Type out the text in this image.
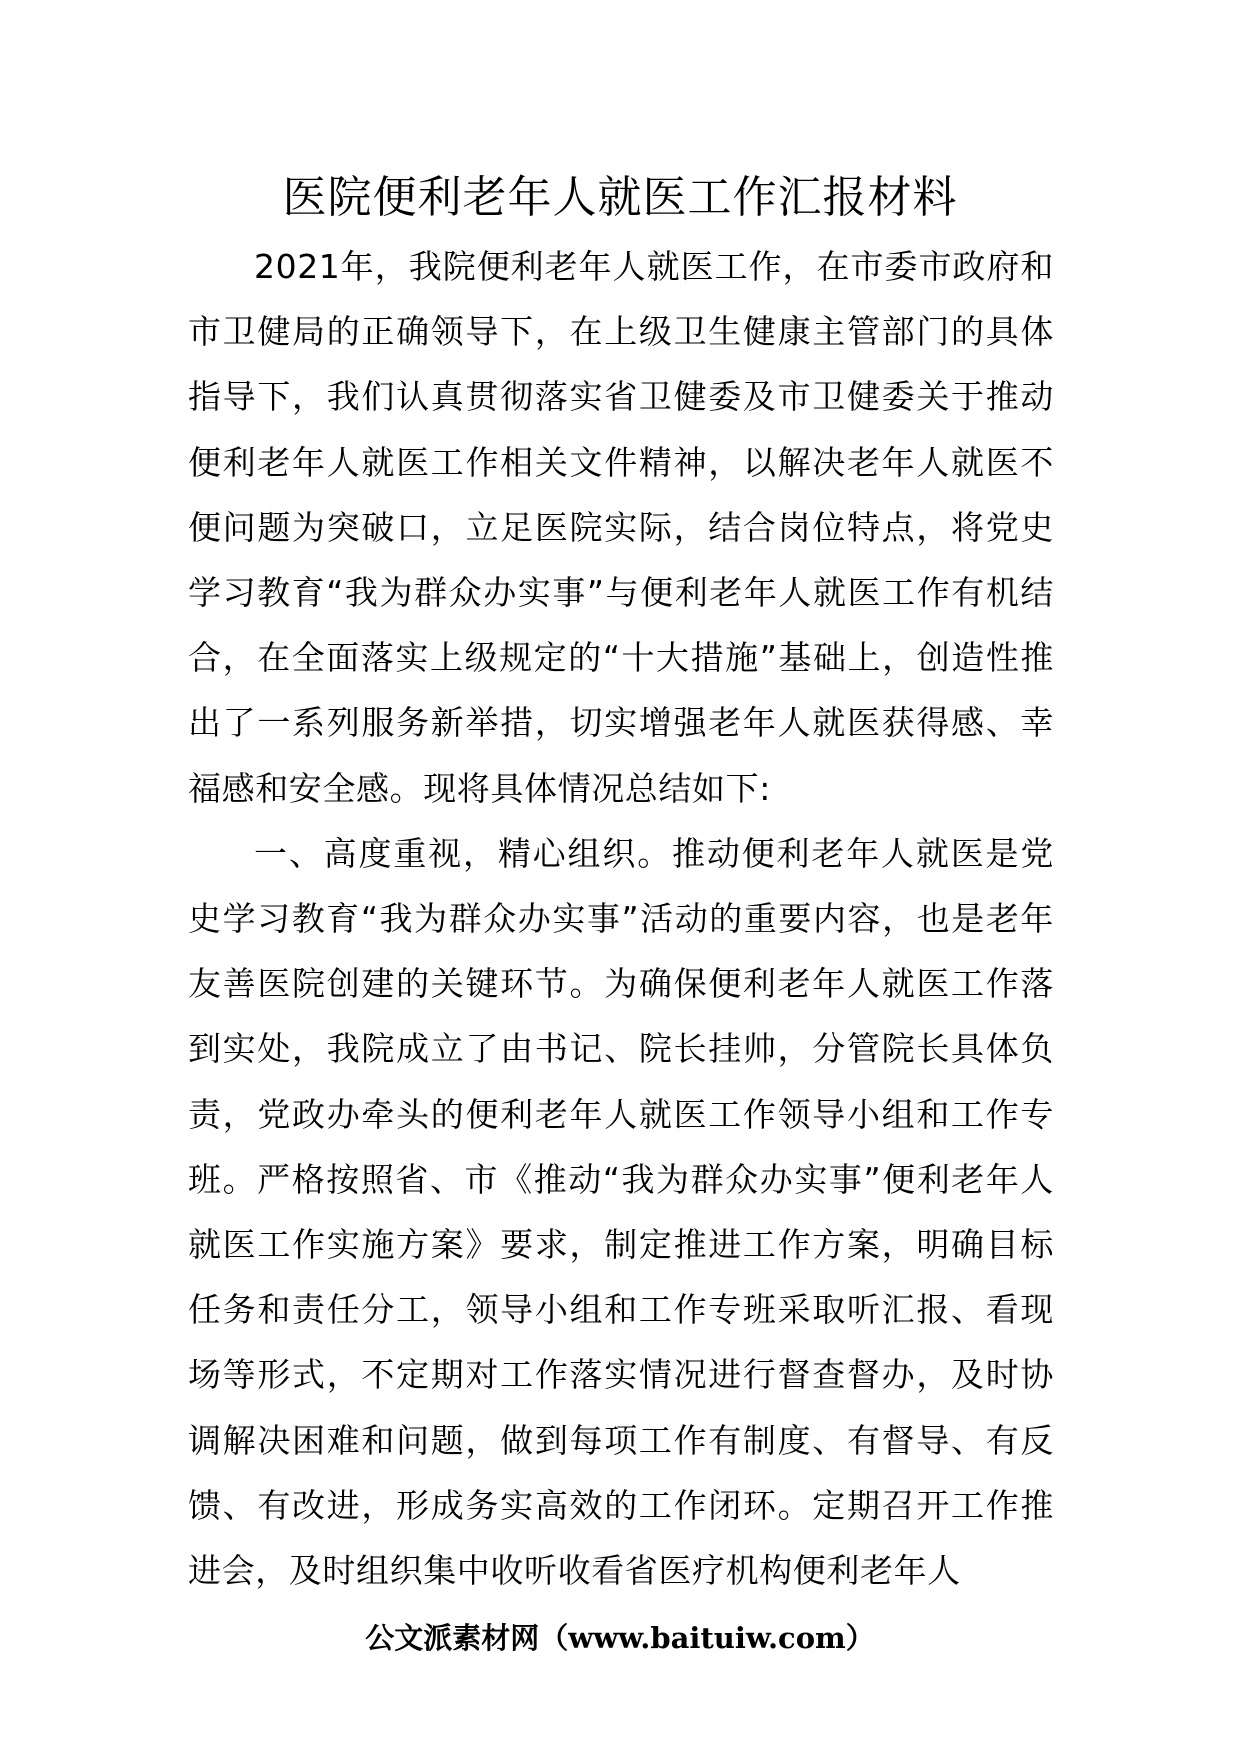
医院便利老年人就医工作汇报材料

2021年，我院便利老年人就医工作，在市委市政府和市卫健局的正确领导下，在上级卫生健康主管部门的具体指导下，我们认真贯彻落实省卫健委及市卫健委关于推动便利老年人就医工作相关文件精神，以解决老年人就医不便问题为突破口，立足医院实际，结合岗位特点，将党史学习教育“我为群众办实事”与便利老年人就医工作有机结合，在全面落实上级规定的“十大措施”基础上，创造性推出了一系列服务新举措，切实增强老年人就医获得感、幸福感和安全感。现将具体情况总结如下:

一、高度重视，精心组织。推动便利老年人就医是党史学习教育“我为群众办实事”活动的重要内容，也是老年友善医院创建的关键环节。为确保便利老年人就医工作落到实处，我院成立了由书记、院长挂帅，分管院长具体负责，党政办牵头的便利老年人就医工作领导小组和工作专班。严格按照省、市《推动“我为群众办实事”便利老年人就医工作实施方案》要求，制定推进工作方案，明确目标任务和责任分工，领导小组和工作专班采取听汇报、看现场等形式，不定期对工作落实情况进行督查督办，及时协调解决困难和问题，做到每项工作有制度、有督导、有反馈、有改进，形成务实高效的工作闭环。定期召开工作推进会，及时组织集中收听收看省医疗机构便利老年人

公文派素材网（www.baituiw.com）
